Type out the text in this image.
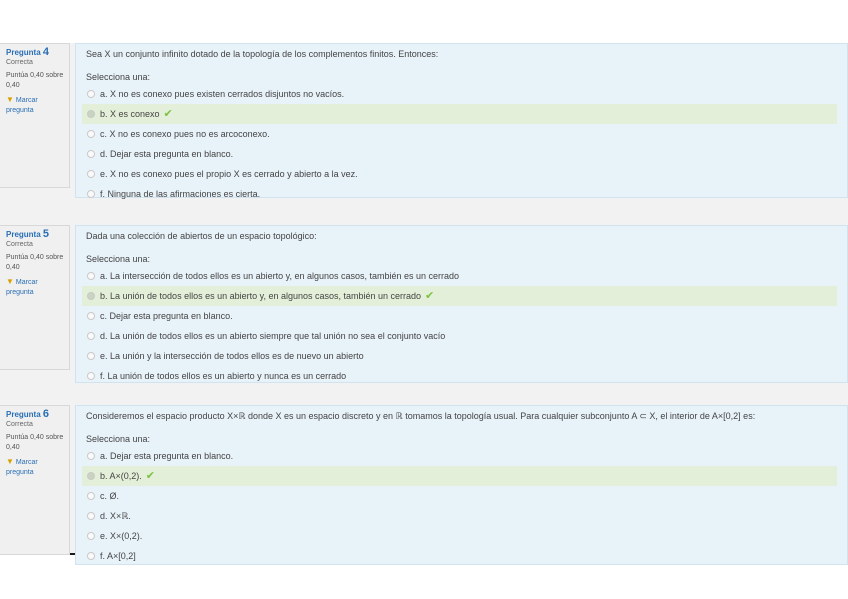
Pregunta 4
Correcta
Puntúa 0,40 sobre 0,40
▼ Marcar pregunta
Sea X un conjunto infinito dotado de la topología de los complementos finitos. Entonces:
Selecciona una:
a. X no es conexo pues existen cerrados disjuntos no vacíos.
b. X es conexo ✔
c. X no es conexo pues no es arcoconexo.
d. Dejar esta pregunta en blanco.
e. X no es conexo pues el propio X es cerrado y abierto a la vez.
f. Ninguna de las afirmaciones es cierta.
Pregunta 5
Correcta
Puntúa 0,40 sobre 0,40
▼ Marcar pregunta
Dada una colección de abiertos de un espacio topológico:
Selecciona una:
a. La intersección de todos ellos es un abierto y, en algunos casos, también es un cerrado
b. La unión de todos ellos es un abierto y, en algunos casos, también un cerrado ✔
c. Dejar esta pregunta en blanco.
d. La unión de todos ellos es un abierto siempre que tal unión no sea el conjunto vacío
e. La unión y la intersección de todos ellos es de nuevo un abierto
f. La unión de todos ellos es un abierto y nunca es un cerrado
Pregunta 6
Correcta
Puntúa 0,40 sobre 0,40
▼ Marcar pregunta
Consideremos el espacio producto X×ℝ donde X es un espacio discreto y en ℝ tomamos la topología usual. Para cualquier subconjunto A ⊂ X, el interior de A×[0,2] es:
Selecciona una:
a. Dejar esta pregunta en blanco.
b. A×(0,2). ✔
c. Ø.
d. X×ℝ.
e. X×(0,2).
f. A×[0,2]
